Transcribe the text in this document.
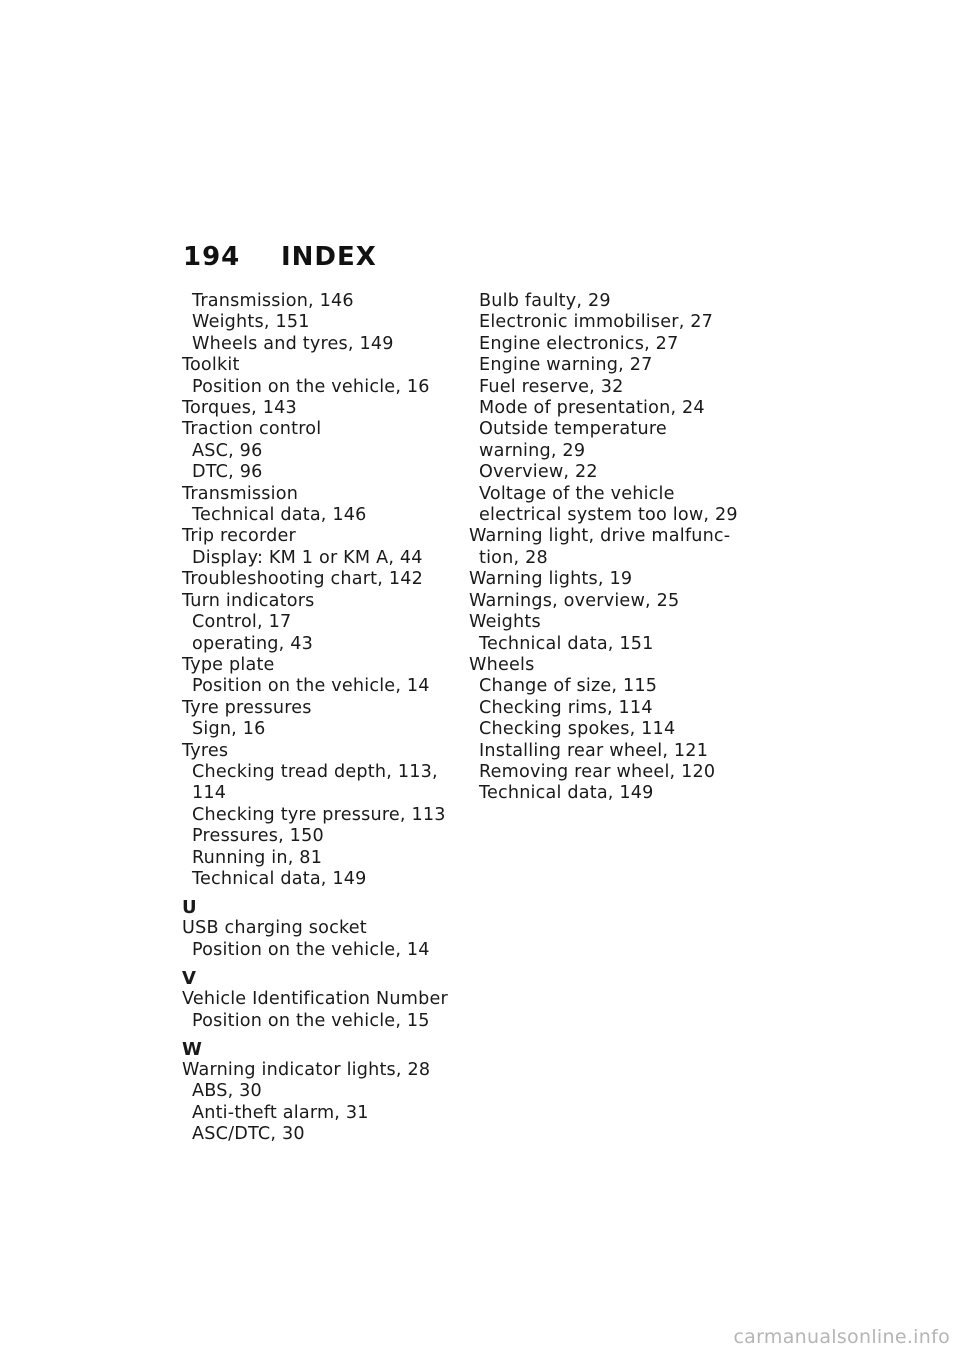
194	INDEX
Transmission, 146
Weights, 151
Wheels and tyres, 149
Toolkit
Position on the vehicle, 16
Torques, 143
Traction control
ASC, 96
DTC, 96
Transmission
Technical data, 146
Trip recorder
Display: KM 1 or KM A, 44
Troubleshooting chart, 142
Turn indicators
Control, 17
operating, 43
Type plate
Position on the vehicle, 14
Tyre pressures
Sign, 16
Tyres
Checking tread depth, 113,
114
Checking tyre pressure, 113
Pressures, 150
Running in, 81
Technical data, 149
U
USB charging socket
Position on the vehicle, 14
V
Vehicle Identification Number
Position on the vehicle, 15
W
Warning indicator lights, 28
ABS, 30
Anti-theft alarm, 31
ASC/DTC, 30
Bulb faulty, 29
Electronic immobiliser, 27
Engine electronics, 27
Engine warning, 27
Fuel reserve, 32
Mode of presentation, 24
Outside temperature
warning, 29
Overview, 22
Voltage of the vehicle
electrical system too low, 29
Warning light, drive malfunc-
tion, 28
Warning lights, 19
Warnings, overview, 25
Weights
Technical data, 151
Wheels
Change of size, 115
Checking rims, 114
Checking spokes, 114
Installing rear wheel, 121
Removing rear wheel, 120
Technical data, 149
carmanualsonline.info
